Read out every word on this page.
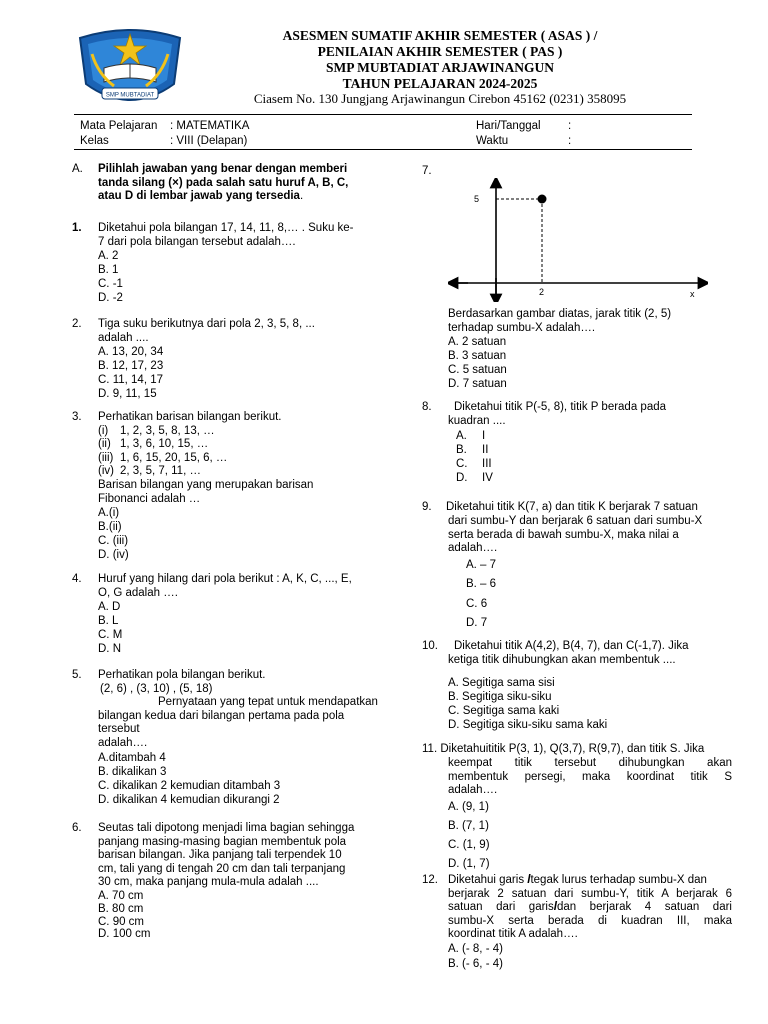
SMP MUBTADIAT
ASESMEN SUMATIF AKHIR SEMESTER ( ASAS ) /
PENILAIAN AKHIR SEMESTER ( PAS )
SMP MUBTADIAT ARJAWINANGUN
TAHUN PELAJARAN 2024-2025
Ciasem No. 130 Jungjang Arjawinangun Cirebon 45162 (0231) 358095
Mata Pelajaran : MATEMATIKA
Kelas	: VIII (Delapan)
Hari/Tanggal :
Waktu	:
A. Pilihlah jawaban yang benar dengan memberi
tanda silang (×) pada salah satu huruf A, B, C,
atau D di lembar jawab yang tersedia.
1. Diketahui pola bilangan 17, 14, 11, 8,… . Suku ke-
7 dari pola bilangan tersebut adalah….
A. 2
B. 1
C. -1
D. -2
2. Tiga suku berikutnya dari pola 2, 3, 5, 8, ...
adalah ....
A. 13, 20, 34
B. 12, 17, 23
C. 11, 14, 17
D. 9, 11, 15
3. Perhatikan barisan bilangan berikut.
(i) 1, 2, 3, 5, 8, 13, …
(ii) 1, 3, 6, 10, 15, …
(iii) 1, 6, 15, 20, 15, 6, …
(iv) 2, 3, 5, 7, 11, …
Barisan bilangan yang merupakan barisan
Fibonanci adalah …
A.(i)
B.(ii)
C. (iii)
D. (iv)
4. Huruf yang hilang dari pola berikut : A, K, C, ..., E,
O, G adalah ….
A. D
B. L
C. M
D. N
5. Perhatikan pola bilangan berikut.
(2, 6) , (3, 10) , (5, 18)
Pernyataan yang tepat untuk mendapatkan
bilangan kedua dari bilangan pertama pada pola
tersebut
adalah….
A.ditambah 4
B. dikalikan 3
C. dikalikan 2 kemudian ditambah 3
D. dikalikan 4 kemudian dikurangi 2
6. Seutas tali dipotong menjadi lima bagian sehingga
panjang masing-masing bagian membentuk pola
barisan bilangan. Jika panjang tali terpendek 10
cm, tali yang di tengah 20 cm dan tali terpanjang
30 cm, maka panjang mula-mula adalah ....
A. 70 cm
B. 80 cm
C. 90 cm
D. 100 cm
7.
5
2	x
Berdasarkan gambar diatas, jarak titik (2, 5)
terhadap sumbu-X adalah….
A. 2 satuan
B. 3 satuan
C. 5 satuan
D. 7 satuan
8. Diketahui titik P(-5, 8), titik P berada pada
kuadran ....
A. I
B. II
C. III
D. IV
9. Diketahui titik K(7, a) dan titik K berjarak 7 satuan
dari sumbu-Y dan berjarak 6 satuan dari sumbu-X
serta berada di bawah sumbu-X, maka nilai a
adalah….
A. – 7
B. – 6
C. 6
D. 7
10. Diketahui titik A(4,2), B(4, 7), dan C(-1,7). Jika
ketiga titik dihubungkan akan membentuk ....
A. Segitiga sama sisi
B. Segitiga siku-siku
C. Segitiga sama kaki
D. Segitiga siku-siku sama kaki
11. Diketahuititik P(3, 1), Q(3,7), R(9,7), dan titik S. Jika
keempat titik tersebut dihubungkan akan
membentuk persegi, maka koordinat titik S
adalah….
A. (9, 1)
B. (7, 1)
C. (1, 9)
D. (1, 7)
12. Diketahui garis ltegak lurus terhadap sumbu-X dan
berjarak 2 satuan dari sumbu-Y, titik A berjarak 6
satuan dari garisldan berjarak 4 satuan dari
sumbu-X serta berada di kuadran III, maka
koordinat titik A adalah….
A. (- 8, - 4)
B. (- 6, - 4)
